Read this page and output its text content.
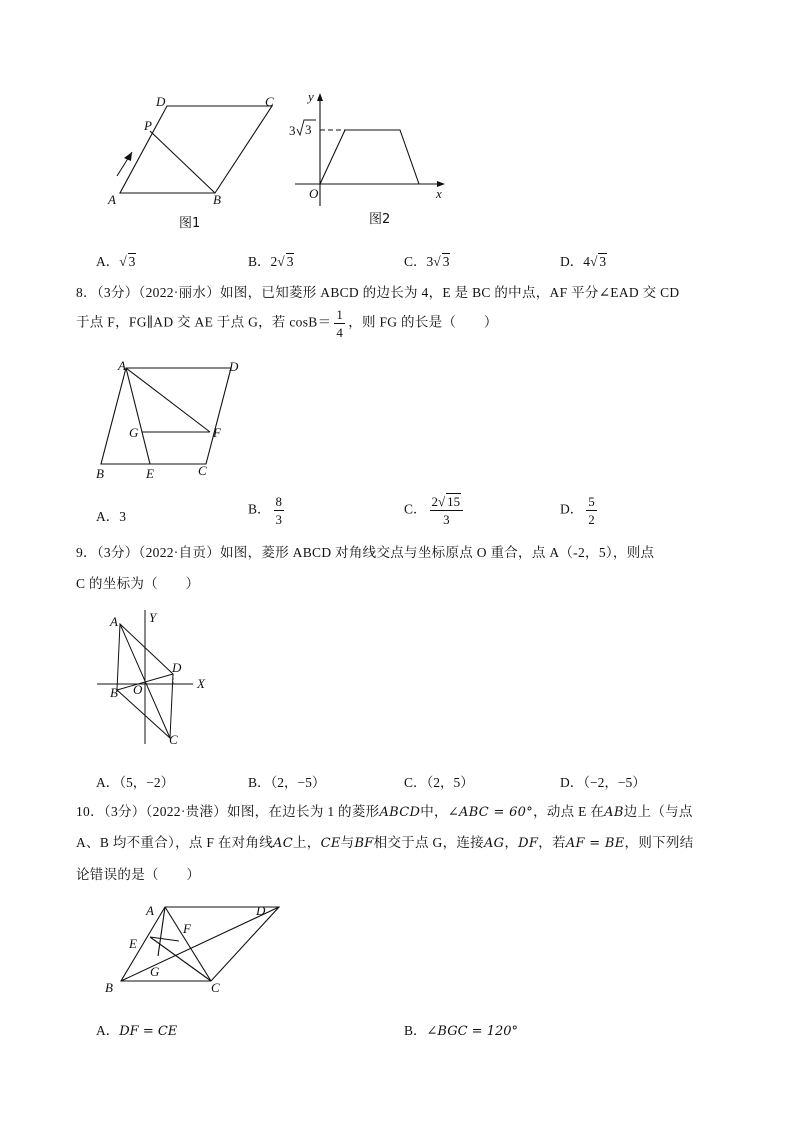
D	C
P
A	B
图1
y
x
O
3 3
图2
A．√ 3	B．2√ 3	C．3√ 3	D．4√ 3
8．（3分）（2022·丽水）如图，已知菱形 ABCD 的边长为 4，E 是 BC 的中点，AF 平分∠EAD 交 CD
于点 F，FG∥AD 交 AE 于点 G，若 $\cos B= \frac{1}{4}$ ，则 FG 的长是（　　）
A	D
G	F
B	E	C
A．3	B． $\frac{8}{3}$	C． $\frac{2√ 15}{3}$	D． $\frac{5}{2}$
9．（3分）（2022·自贡）如图，菱形 ABCD 对角线交点与坐标原点 O 重合，点 A（-2，5），则点
C 的坐标为（　　）
A Y
D
X
B O
C
A．（5，−2）	B．（2，−5）	C．（2，5）	D．（−2，−5）
10．（3分）（2022·贵港）如图，在边长为 1 的菱形ABCD中，∠ABC = 60°，动点 E 在AB边上（与点
A、B 均不重合），点 F 在对角线AC上，CE与BF相交于点 G，连接AG，DF，若AF = BE，则下列结
论错误的是（　　）
A	D
F
E
G
B	C
A．DF = CE	B．∠BGC = 120°
